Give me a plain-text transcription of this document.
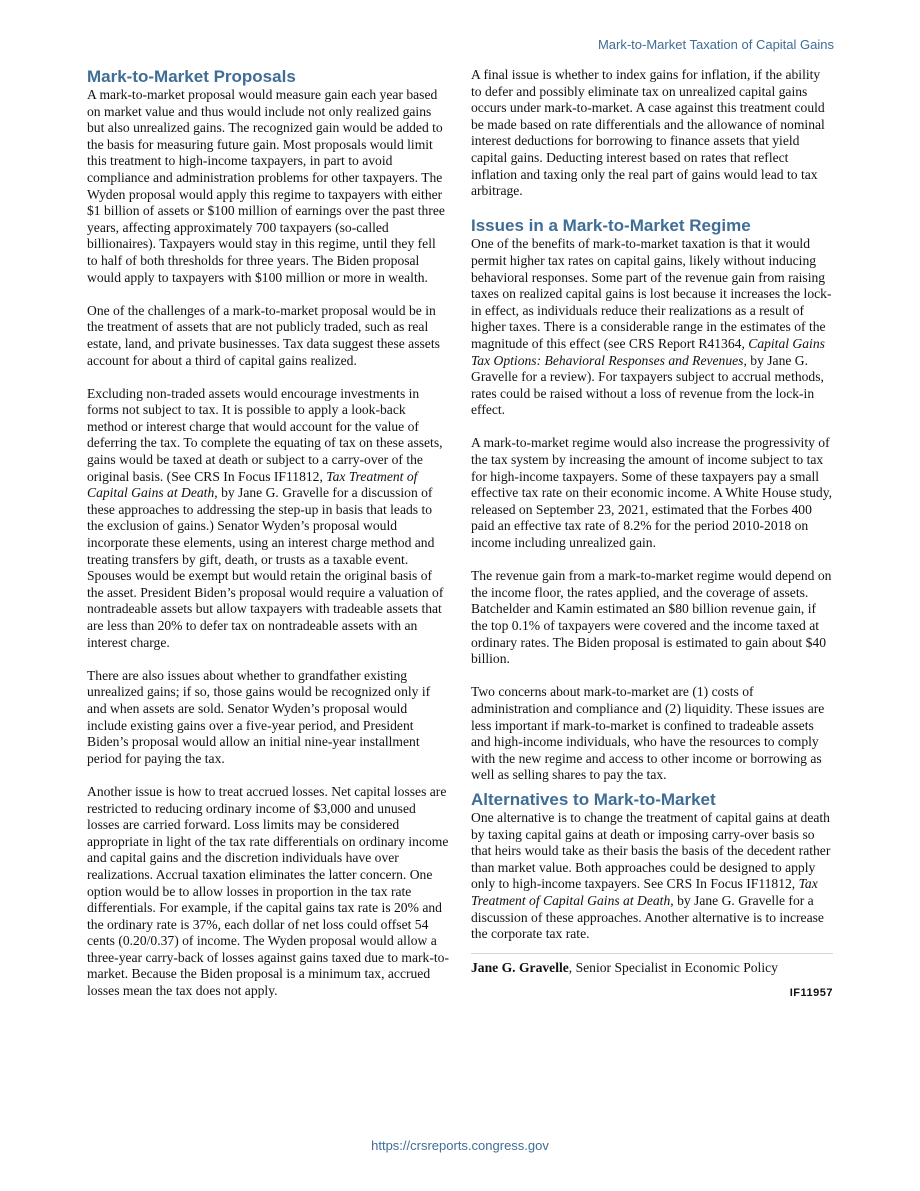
Mark-to-Market Taxation of Capital Gains
Mark-to-Market Proposals

A mark-to-market proposal would measure gain each year based on market value and thus would include not only realized gains but also unrealized gains. The recognized gain would be added to the basis for measuring future gain. Most proposals would limit this treatment to high-income taxpayers, in part to avoid compliance and administration problems for other taxpayers. The Wyden proposal would apply this regime to taxpayers with either $1 billion of assets or $100 million of earnings over the past three years, affecting approximately 700 taxpayers (so-called billionaires). Taxpayers would stay in this regime, until they fell to half of both thresholds for three years. The Biden proposal would apply to taxpayers with $100 million or more in wealth.

One of the challenges of a mark-to-market proposal would be in the treatment of assets that are not publicly traded, such as real estate, land, and private businesses. Tax data suggest these assets account for about a third of capital gains realized.

Excluding non-traded assets would encourage investments in forms not subject to tax. It is possible to apply a look-back method or interest charge that would account for the value of deferring the tax. To complete the equating of tax on these assets, gains would be taxed at death or subject to a carry-over of the original basis. (See CRS In Focus IF11812, Tax Treatment of Capital Gains at Death, by Jane G. Gravelle for a discussion of these approaches to addressing the step-up in basis that leads to the exclusion of gains.) Senator Wyden’s proposal would incorporate these elements, using an interest charge method and treating transfers by gift, death, or trusts as a taxable event. Spouses would be exempt but would retain the original basis of the asset. President Biden’s proposal would require a valuation of nontradeable assets but allow taxpayers with tradeable assets that are less than 20% to defer tax on nontradeable assets with an interest charge.

There are also issues about whether to grandfather existing unrealized gains; if so, those gains would be recognized only if and when assets are sold. Senator Wyden’s proposal would include existing gains over a five-year period, and President Biden’s proposal would allow an initial nine-year installment period for paying the tax.

Another issue is how to treat accrued losses. Net capital losses are restricted to reducing ordinary income of $3,000 and unused losses are carried forward. Loss limits may be considered appropriate in light of the tax rate differentials on ordinary income and capital gains and the discretion individuals have over realizations. Accrual taxation eliminates the latter concern. One option would be to allow losses in proportion in the tax rate differentials. For example, if the capital gains tax rate is 20% and the ordinary rate is 37%, each dollar of net loss could offset 54 cents (0.20/0.37) of income. The Wyden proposal would allow a three-year carry-back of losses against gains taxed due to mark-to-market. Because the Biden proposal is a minimum tax, accrued losses mean the tax does not apply.

A final issue is whether to index gains for inflation, if the ability to defer and possibly eliminate tax on unrealized capital gains occurs under mark-to-market. A case against this treatment could be made based on rate differentials and the allowance of nominal interest deductions for borrowing to finance assets that yield capital gains. Deducting interest based on rates that reflect inflation and taxing only the real part of gains would lead to tax arbitrage.

Issues in a Mark-to-Market Regime

One of the benefits of mark-to-market taxation is that it would permit higher tax rates on capital gains, likely without inducing behavioral responses. Some part of the revenue gain from raising taxes on realized capital gains is lost because it increases the lock-in effect, as individuals reduce their realizations as a result of higher taxes. There is a considerable range in the estimates of the magnitude of this effect (see CRS Report R41364, Capital Gains Tax Options: Behavioral Responses and Revenues, by Jane G. Gravelle for a review). For taxpayers subject to accrual methods, rates could be raised without a loss of revenue from the lock-in effect.

A mark-to-market regime would also increase the progressivity of the tax system by increasing the amount of income subject to tax for high-income taxpayers. Some of these taxpayers pay a small effective tax rate on their economic income. A White House study, released on September 23, 2021, estimated that the Forbes 400 paid an effective tax rate of 8.2% for the period 2010-2018 on income including unrealized gain.

The revenue gain from a mark-to-market regime would depend on the income floor, the rates applied, and the coverage of assets. Batchelder and Kamin estimated an $80 billion revenue gain, if the top 0.1% of taxpayers were covered and the income taxed at ordinary rates. The Biden proposal is estimated to gain about $40 billion.

Two concerns about mark-to-market are (1) costs of administration and compliance and (2) liquidity. These issues are less important if mark-to-market is confined to tradeable assets and high-income individuals, who have the resources to comply with the new regime and access to other income or borrowing as well as selling shares to pay the tax.

Alternatives to Mark-to-Market

One alternative is to change the treatment of capital gains at death by taxing capital gains at death or imposing carry-over basis so that heirs would take as their basis the basis of the decedent rather than market value. Both approaches could be designed to apply only to high-income taxpayers. See CRS In Focus IF11812, Tax Treatment of Capital Gains at Death, by Jane G. Gravelle for a discussion of these approaches. Another alternative is to increase the corporate tax rate.

Jane G. Gravelle, Senior Specialist in Economic Policy

IF11957
https://crsreports.congress.gov
